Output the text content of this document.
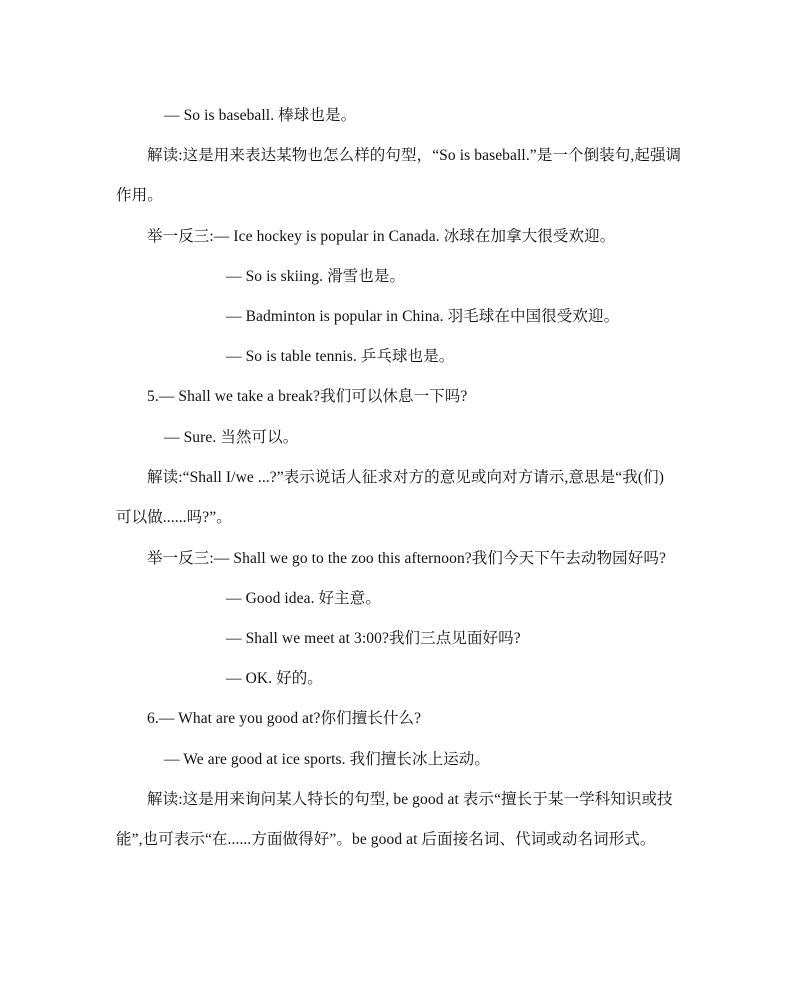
— So is baseball. 棒球也是。
解读:这是用来表达某物也怎么样的句型，“So is baseball.”是一个倒装句,起强调
作用。
举一反三:— Ice hockey is popular in Canada. 冰球在加拿大很受欢迎。
— So is skiing. 滑雪也是。
— Badminton is popular in China. 羽毛球在中国很受欢迎。
— So is table tennis. 乒乓球也是。
5.— Shall we take a break?我们可以休息一下吗?
— Sure. 当然可以。
解读:“Shall I/we ...?”表示说话人征求对方的意见或向对方请示,意思是“我(们)
可以做......吗?”。
举一反三:— Shall we go to the zoo this afternoon?我们今天下午去动物园好吗?
— Good idea. 好主意。
— Shall we meet at 3:00?我们三点见面好吗?
— OK. 好的。
6.— What are you good at?你们擅长什么?
— We are good at ice sports. 我们擅长冰上运动。
解读:这是用来询问某人特长的句型, be good at 表示“擅长于某一学科知识或技
能”,也可表示“在......方面做得好”。be good at 后面接名词、代词或动名词形式。
